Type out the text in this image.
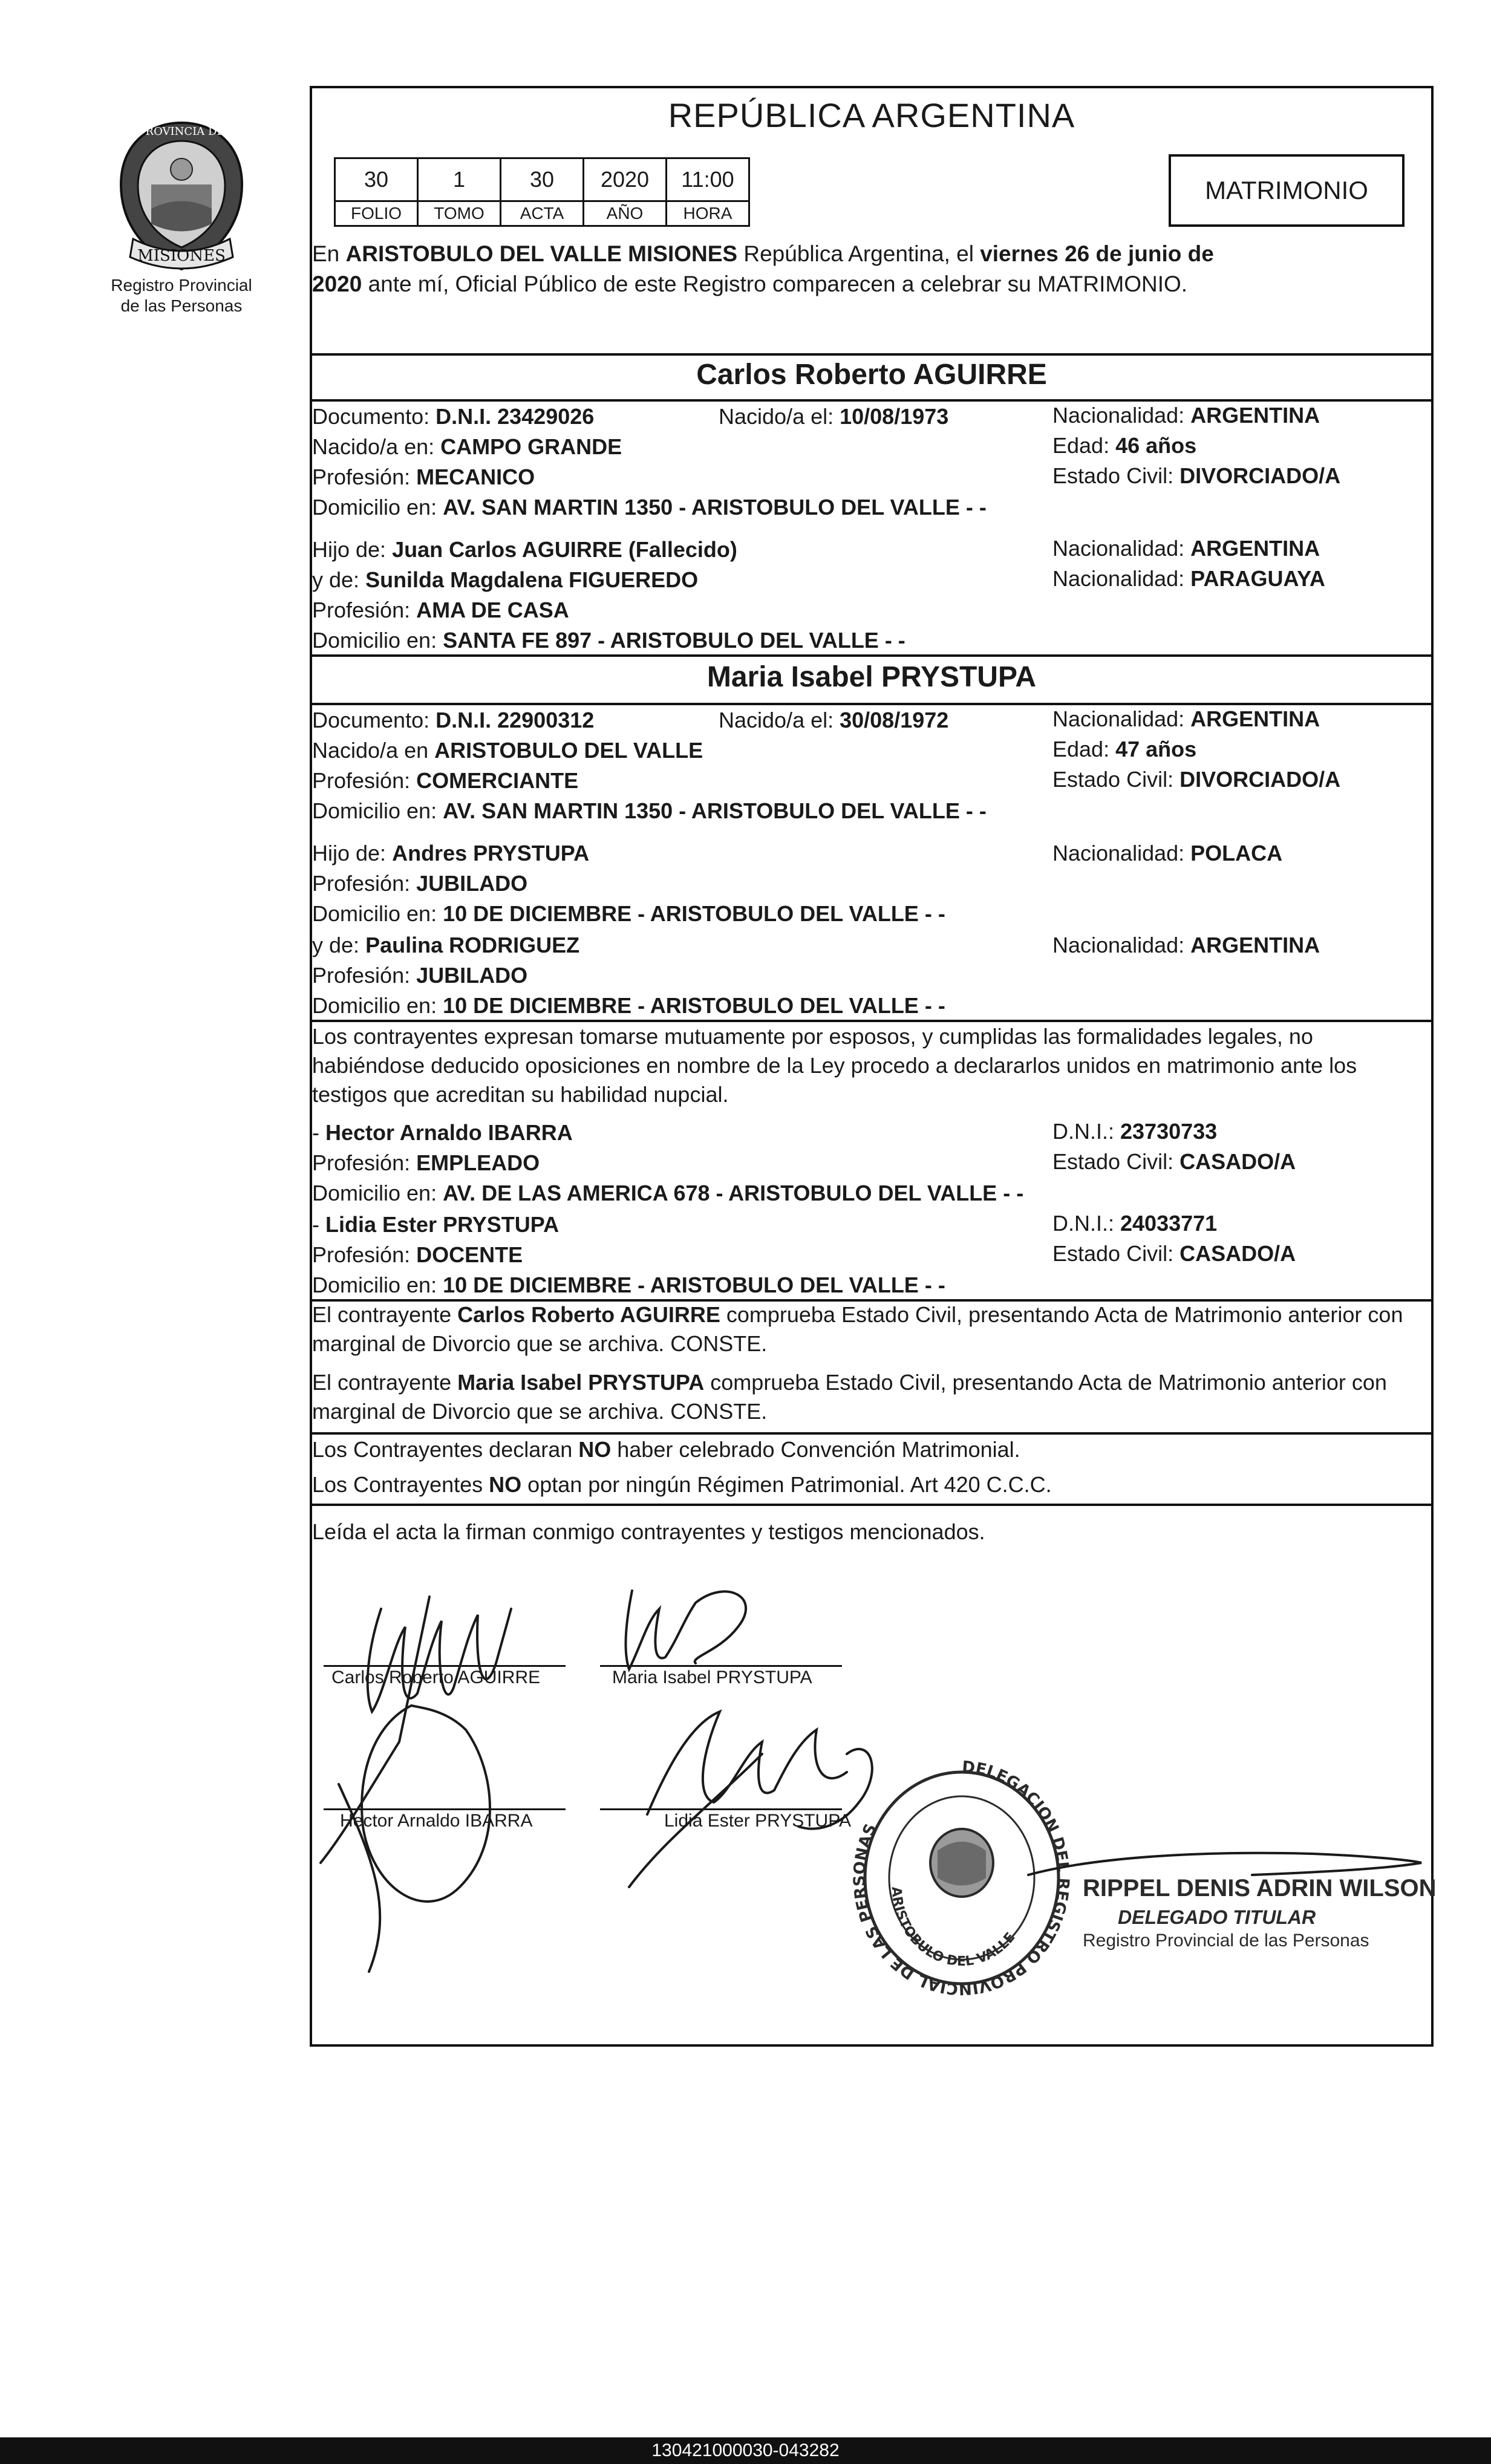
PROVINCIA DE
MISIONES
Registro Provincial
de las Personas
REPÚBLICA ARGENTINA
30	1	30	2020	11:00
FOLIO	TOMO	ACTA	AÑO	HORA
MATRIMONIO
En ARISTOBULO DEL VALLE MISIONES República Argentina, el viernes 26 de junio de
2020 ante mí, Oficial Público de este Registro comparecen a celebrar su MATRIMONIO.
Carlos Roberto AGUIRRE
Documento: D.N.I. 23429026	Nacido/a el: 10/08/1973	Nacionalidad: ARGENTINA
Nacido/a en: CAMPO GRANDE	Edad: 46 años
Profesión: MECANICO	Estado Civil: DIVORCIADO/A
Domicilio en: AV. SAN MARTIN 1350 - ARISTOBULO DEL VALLE - -
Hijo de: Juan Carlos AGUIRRE (Fallecido)	Nacionalidad: ARGENTINA
y de: Sunilda Magdalena FIGUEREDO	Nacionalidad: PARAGUAYA
Profesión: AMA DE CASA
Domicilio en: SANTA FE 897 - ARISTOBULO DEL VALLE - -
Maria Isabel PRYSTUPA
Documento: D.N.I. 22900312	Nacido/a el: 30/08/1972	Nacionalidad: ARGENTINA
Nacido/a en ARISTOBULO DEL VALLE	Edad: 47 años
Profesión: COMERCIANTE	Estado Civil: DIVORCIADO/A
Domicilio en: AV. SAN MARTIN 1350 - ARISTOBULO DEL VALLE - -
Hijo de: Andres PRYSTUPA	Nacionalidad: POLACA
Profesión: JUBILADO
Domicilio en: 10 DE DICIEMBRE - ARISTOBULO DEL VALLE - -
y de: Paulina RODRIGUEZ	Nacionalidad: ARGENTINA
Profesión: JUBILADO
Domicilio en: 10 DE DICIEMBRE - ARISTOBULO DEL VALLE - -
Los contrayentes expresan tomarse mutuamente por esposos, y cumplidas las formalidades legales, no habiéndose deducido oposiciones en nombre de la Ley procedo a declararlos unidos en matrimonio ante los testigos que acreditan su habilidad nupcial.
- Hector Arnaldo IBARRA	D.N.I.: 23730733
Profesión: EMPLEADO	Estado Civil: CASADO/A
Domicilio en: AV. DE LAS AMERICA 678 - ARISTOBULO DEL VALLE - -
- Lidia Ester PRYSTUPA	D.N.I.: 24033771
Profesión: DOCENTE	Estado Civil: CASADO/A
Domicilio en: 10 DE DICIEMBRE - ARISTOBULO DEL VALLE - -
El contrayente Carlos Roberto AGUIRRE comprueba Estado Civil, presentando Acta de Matrimonio anterior con marginal de Divorcio que se archiva. CONSTE.
El contrayente Maria Isabel PRYSTUPA comprueba Estado Civil, presentando Acta de Matrimonio anterior con marginal de Divorcio que se archiva. CONSTE.
Los Contrayentes declaran NO haber celebrado Convención Matrimonial.
Los Contrayentes NO optan por ningún Régimen Patrimonial. Art 420 C.C.C.
Leída el acta la firman conmigo contrayentes y testigos mencionados.
Carlos Roberto AGUIRRE	Maria Isabel PRYSTUPA
Hector Arnaldo IBARRA	Lidia Ester PRYSTUPA
DELEGACION DEL REGISTRO PROVINCIAL DE LAS PERSONAS
ARISTOBULO DEL VALLE
RIPPEL DENIS ADRIN WILSON
DELEGADO TITULAR
Registro Provincial de las Personas
130421000030-043282
